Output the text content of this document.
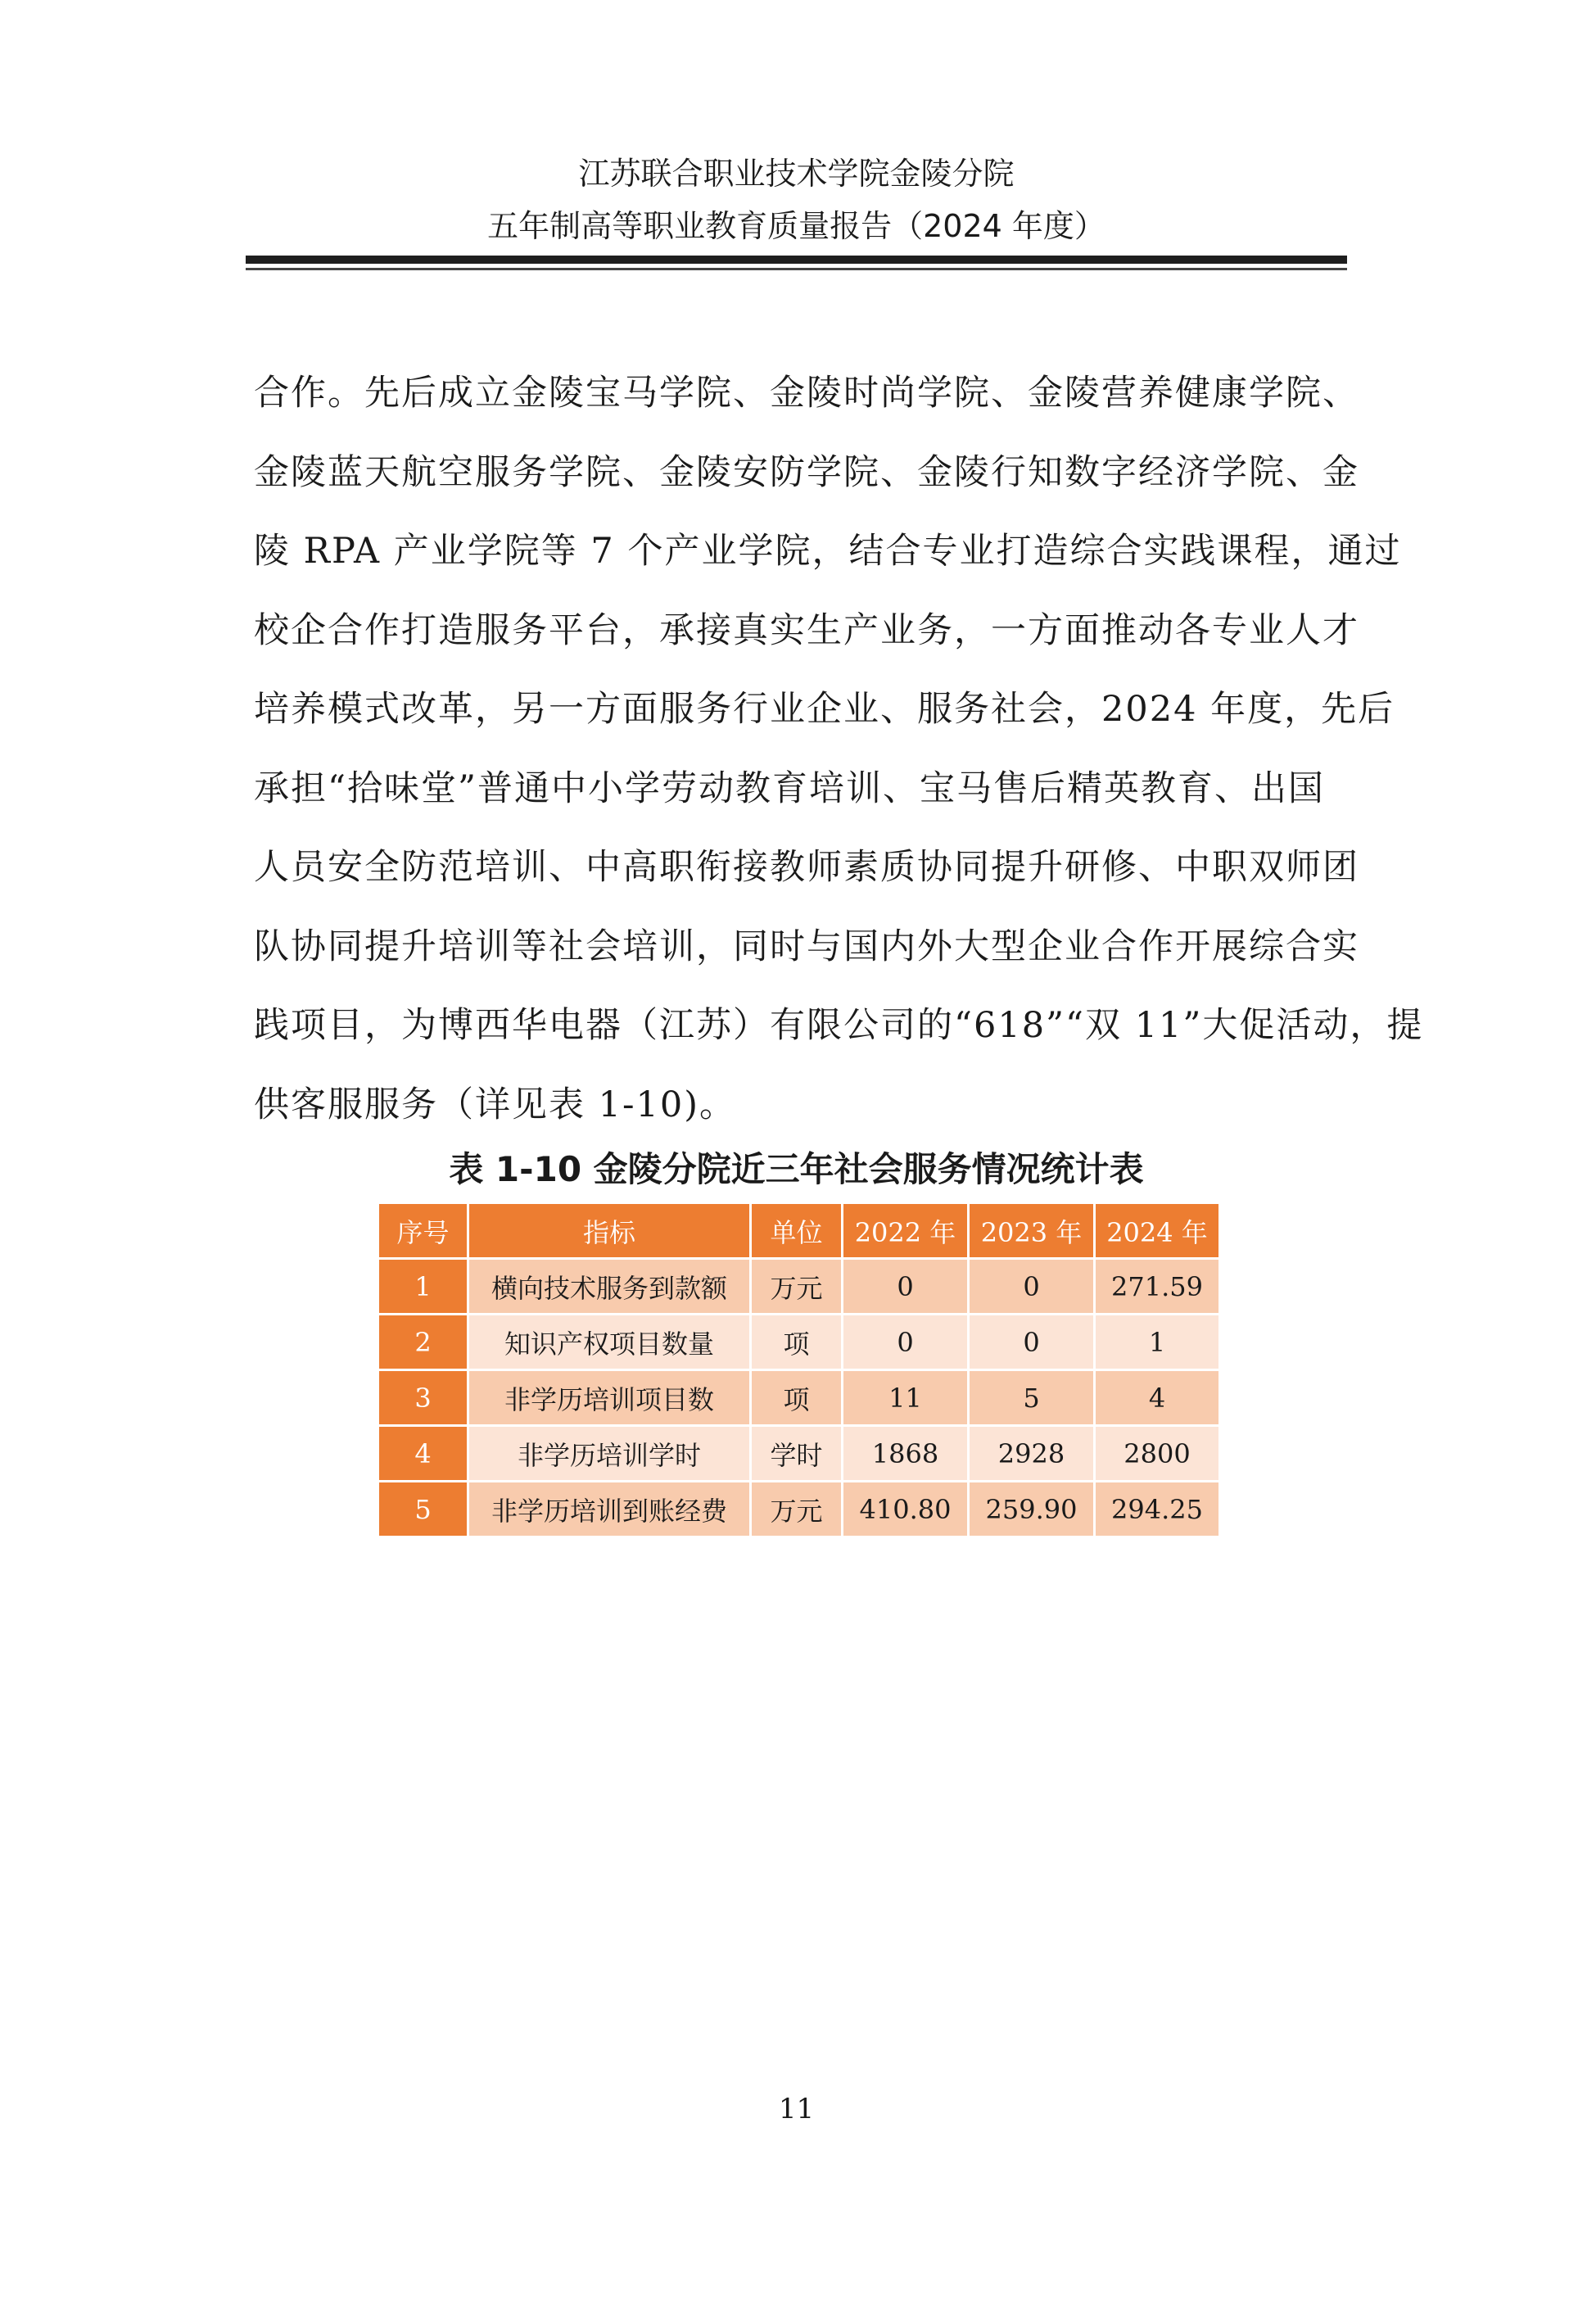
江苏联合职业技术学院金陵分院
五年制高等职业教育质量报告（2024 年度）
合作。先后成立金陵宝马学院、金陵时尚学院、金陵营养健康学院、
金陵蓝天航空服务学院、金陵安防学院、金陵行知数字经济学院、金
陵 RPA 产业学院等 7 个产业学院，结合专业打造综合实践课程，通过
校企合作打造服务平台，承接真实生产业务，一方面推动各专业人才
培养模式改革，另一方面服务行业企业、服务社会，2024 年度，先后
承担“拾味堂”普通中小学劳动教育培训、宝马售后精英教育、出国
人员安全防范培训、中高职衔接教师素质协同提升研修、中职双师团
队协同提升培训等社会培训，同时与国内外大型企业合作开展综合实
践项目，为博西华电器（江苏）有限公司的“618”“双 11”大促活动，提
供客服服务（详见表 1-10)。
表 1-10 金陵分院近三年社会服务情况统计表
序号	指标	单位	2022 年	2023 年	2024 年
1	横向技术服务到款额	万元	0	0	271.59
2	知识产权项目数量	项	0	0	1
3	非学历培训项目数	项	11	5	4
4	非学历培训学时	学时	1868	2928	2800
5	非学历培训到账经费	万元	410.80	259.90	294.25
11
